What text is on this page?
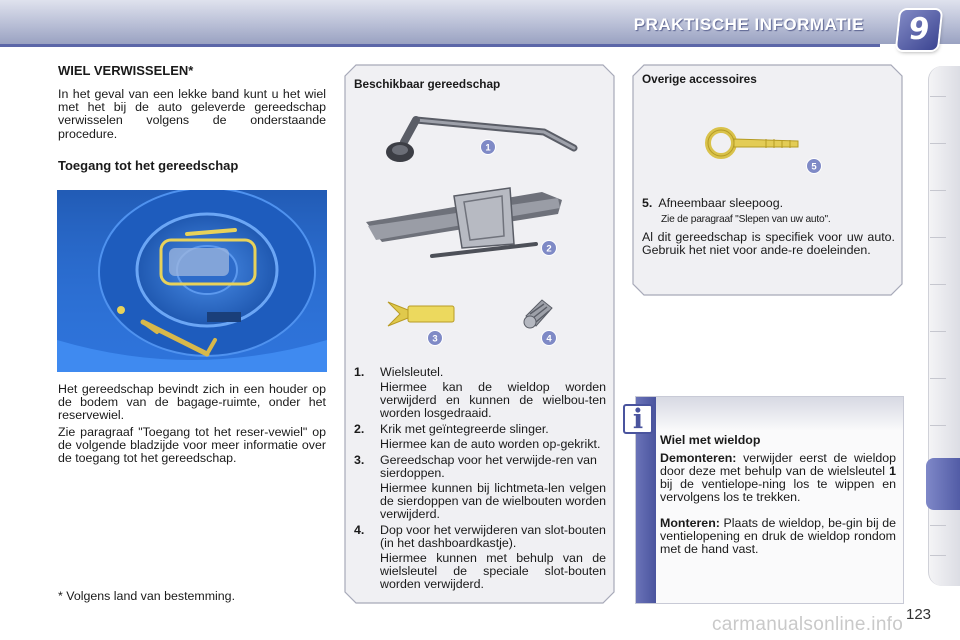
PRAKTISCHE INFORMATIE	9
WIEL VERWISSELEN*

In het geval van een lekke band kunt u het wiel met het bij de auto geleverde gereedschap verwisselen volgens de onderstaande procedure.

Toegang tot het gereedschap

Het gereedschap bevindt zich in een houder op de bodem van de bagage-ruimte, onder het reservewiel.

Zie paragraaf "Toegang tot het reser-vewiel" op de volgende bladzijde voor meer informatie over de toegang tot het gereedschap.

* Volgens land van bestemming.
Beschikbaar gereedschap
1
2
3	4
1. Wielsleutel.
Hiermee kan de wieldop worden verwijderd en kunnen de wielbou-ten worden losgedraaid.
2. Krik met geïntegreerde slinger.
Hiermee kan de auto worden op-gekrikt.
3. Gereedschap voor het verwijde-ren van sierdoppen.
Hiermee kunnen bij lichtmeta-len velgen de sierdoppen van de wielbouten worden verwijderd.
4. Dop voor het verwijderen van slot-bouten (in het dashboardkastje).
Hiermee kunnen met behulp van de wielsleutel de speciale slot-bouten worden verwijderd.
Overige accessoires
5
5. Afneembaar sleepoog.
Zie de paragraaf "Slepen van uw auto".

Al dit gereedschap is specifiek voor uw auto. Gebruik het niet voor ande-re doeleinden.

i
Wiel met wieldop

Demonteren: verwijder eerst de wieldop door deze met behulp van de wielsleutel 1 bij de ventielope-ning los te wippen en vervolgens los te trekken.

Monteren: Plaats de wieldop, be-gin bij de ventielopening en druk de wieldop rondom met de hand vast.

123
carmanualsonline.info
